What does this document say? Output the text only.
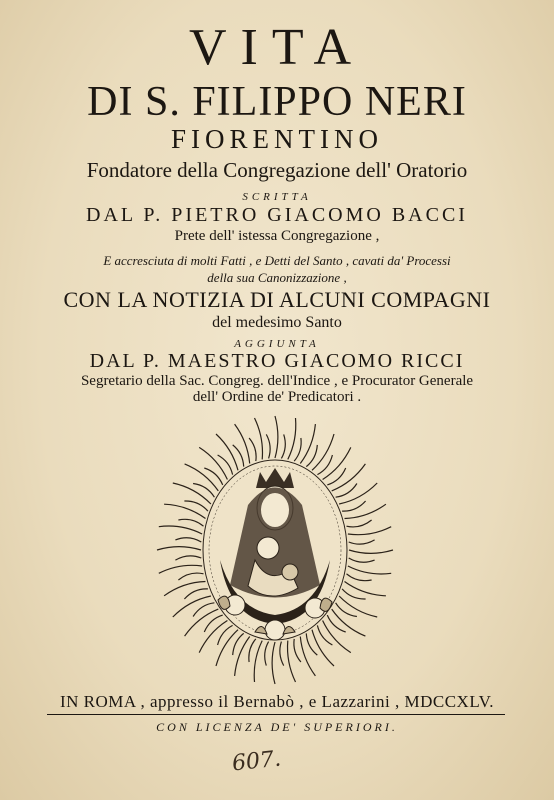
VITA
DI S. FILIPPO NERI
FIORENTINO
Fondatore della Congregazione dell' Oratorio
SCRITTA
DAL P. PIETRO GIACOMO BACCI
Prete dell' istessa Congregazione ,
E accresciuta di molti Fatti , e Detti del Santo , cavati da' Processi
della sua Canonizzazione ,
CON LA NOTIZIA DI ALCUNI COMPAGNI
del medesimo Santo
AGGIUNTA
DAL P. MAESTRO GIACOMO RICCI
Segretario della Sac. Congreg. dell'Indice , e Procurator Generale
dell' Ordine de' Predicatori .
IN ROMA , appresso il Bernabò , e Lazzarini , MDCCXLV.
CON LICENZA DE' SUPERIORI.
607.
